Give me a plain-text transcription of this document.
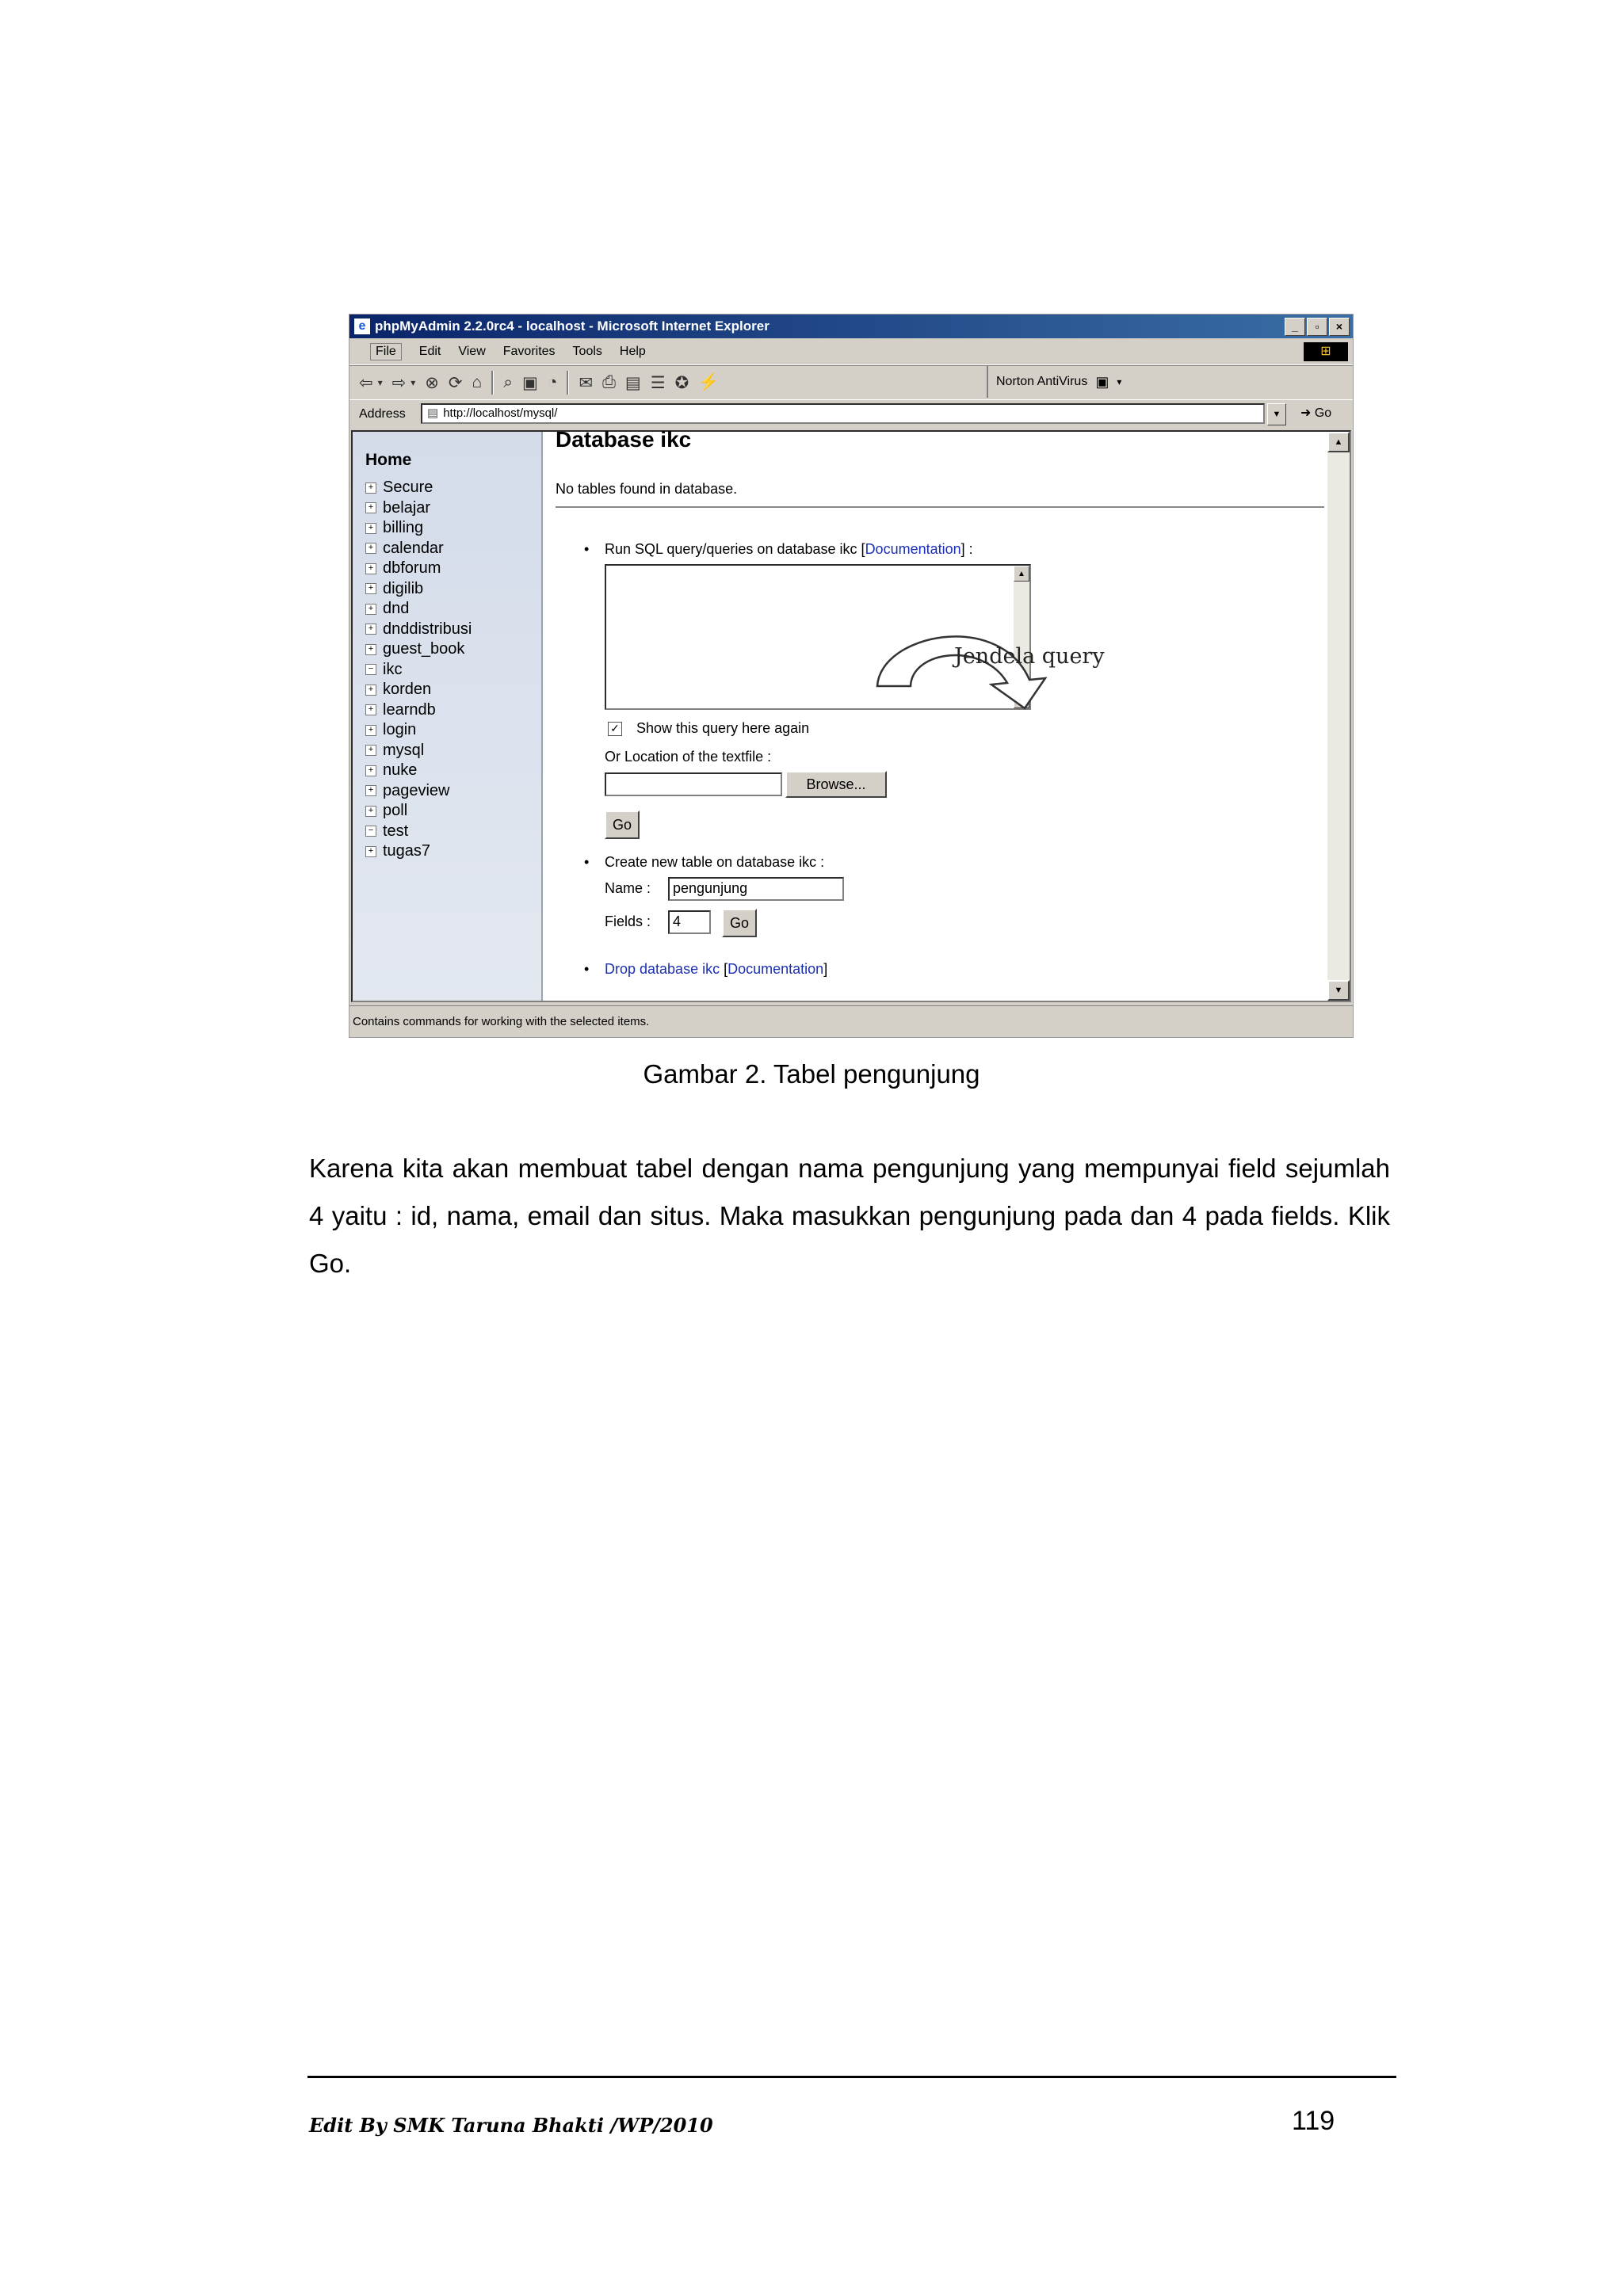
e phpMyAdmin 2.2.0rc4 - localhost - Microsoft Internet Explorer	_	▫	×
File	Edit View Favorites Tools Help	⊞
⇦ ▾ ⇨ ▾ ⊗ ⟳ ⌂ ⌕ ▣ ◔ ✉ ⎙ ▤ ☰ ✪ ⚡	Norton AntiVirus ▣ ▾
Address	▤ http://localhost/mysql/	▼	➜ Go
Home
+ Secure
+ belajar
+ billing
+ calendar
+ dbforum
+ digilib
+ dnd
+ dnddistribusi
+ guest_book
− ikc
+ korden
+ learndb
+ login
+ mysql
+ nuke
+ pageview
+ poll
− test
+ tugas7
Database ikc
No tables found in database.
• Run SQL query/queries on database ikc [Documentation] :
▲
✓ Show this query here again
Or Location of the textfile :
Browse...
Go
• Create new table on database ikc :
Name :	pengunjung
Fields :	4	Go
• Drop database ikc [Documentation]
▲
▼
Jendela query
Contains commands for working with the selected items.
Gambar 2. Tabel pengunjung
Karena kita akan membuat tabel dengan nama pengunjung yang mempunyai field sejumlah 4 yaitu : id, nama, email dan situs. Maka masukkan pengunjung pada dan 4 pada fields. Klik Go.
Edit By SMK Taruna Bhakti /WP/2010	119
